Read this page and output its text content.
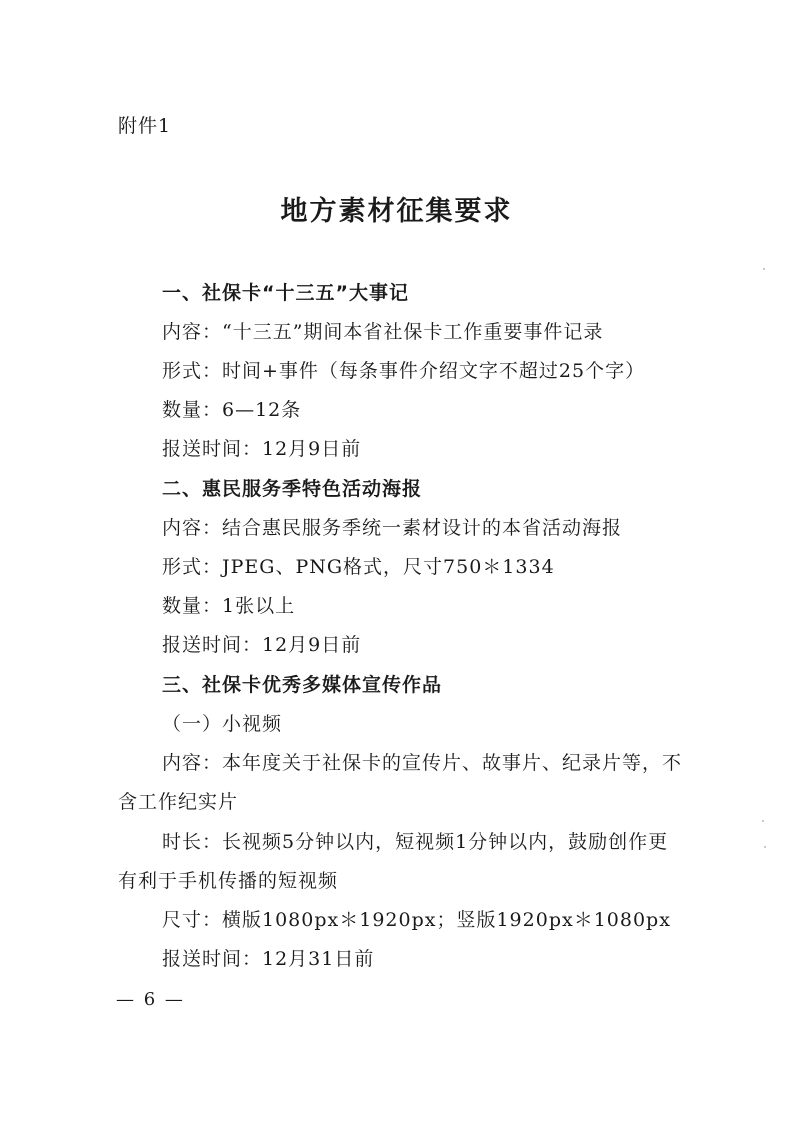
附件1
地方素材征集要求
一、社保卡“十三五”大事记
内容：“十三五”期间本省社保卡工作重要事件记录
形式：时间+事件（每条事件介绍文字不超过25个字）
数量：6—12条
报送时间：12月9日前
二、惠民服务季特色活动海报
内容：结合惠民服务季统一素材设计的本省活动海报
形式：JPEG、PNG格式，尺寸750＊1334
数量：1张以上
报送时间：12月9日前
三、社保卡优秀多媒体宣传作品
（一）小视频
内容：本年度关于社保卡的宣传片、故事片、纪录片等，不
含工作纪实片
时长：长视频5分钟以内，短视频1分钟以内，鼓励创作更
有利于手机传播的短视频
尺寸：横版1080px＊1920px；竖版1920px＊1080px
报送时间：12月31日前
— 6 —
